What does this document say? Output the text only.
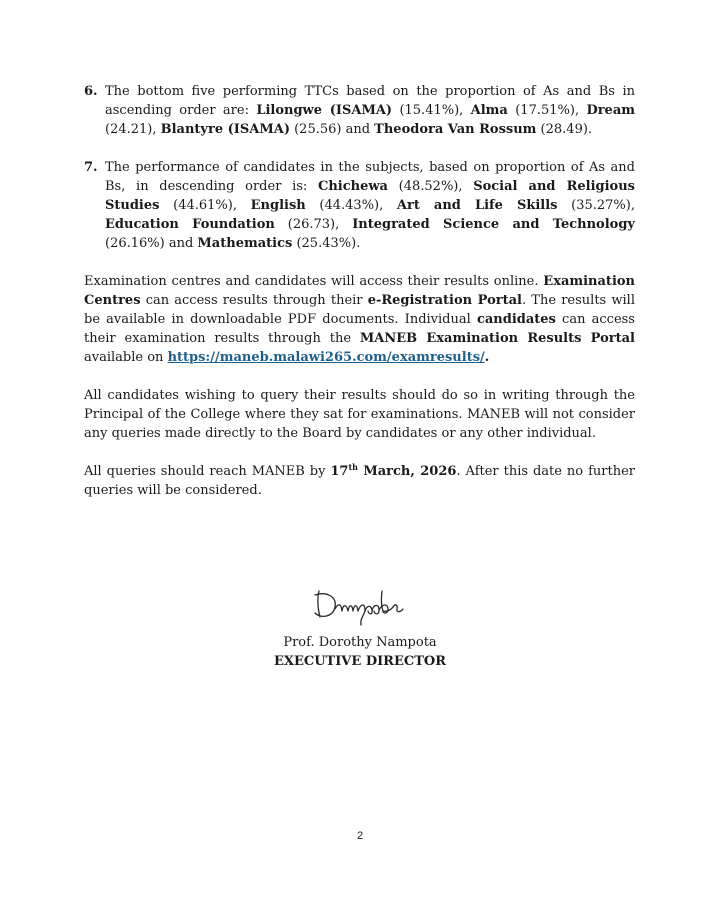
6. The bottom five performing TTCs based on the proportion of As and Bs in ascending order are: Lilongwe (ISAMA) (15.41%), Alma (17.51%), Dream (24.21), Blantyre (ISAMA) (25.56) and Theodora Van Rossum (28.49).
7. The performance of candidates in the subjects, based on proportion of As and Bs, in descending order is: Chichewa (48.52%), Social and Religious Studies (44.61%), English (44.43%), Art and Life Skills (35.27%), Education Foundation (26.73), Integrated Science and Technology (26.16%) and Mathematics (25.43%).

Examination centres and candidates will access their results online. Examination Centres can access results through their e-Registration Portal. The results will be available in downloadable PDF documents. Individual candidates can access their examination results through the MANEB Examination Results Portal available on https://maneb.malawi265.com/examresults/.

All candidates wishing to query their results should do so in writing through the Principal of the College where they sat for examinations. MANEB will not consider any queries made directly to the Board by candidates or any other individual.

All queries should reach MANEB by 17th March, 2026. After this date no further queries will be considered.

Prof. Dorothy Nampota
EXECUTIVE DIRECTOR
2
